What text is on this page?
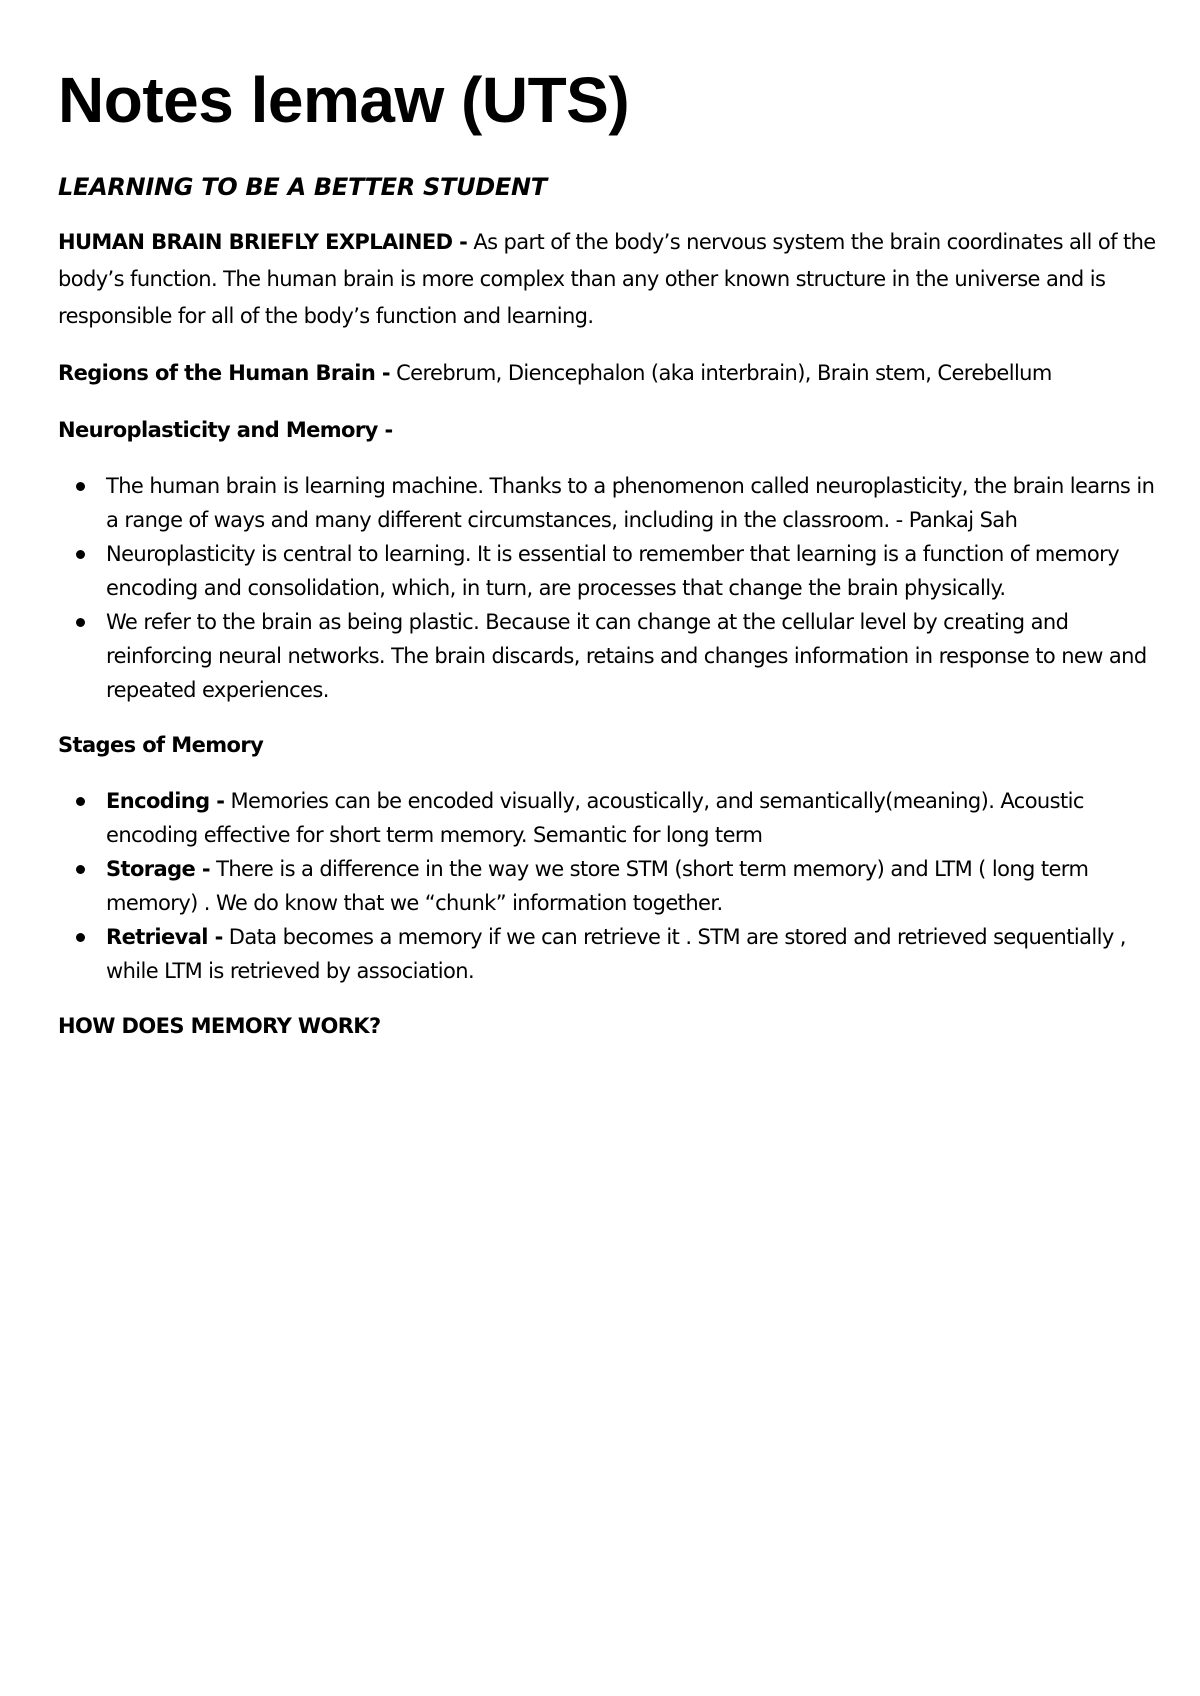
Notes lemaw (UTS)
LEARNING TO BE A BETTER STUDENT

HUMAN BRAIN BRIEFLY EXPLAINED - As part of the body’s nervous system the brain coordinates all of the body’s function. The human brain is more complex than any other known structure in the universe and is responsible for all of the body’s function and learning.

Regions of the Human Brain - Cerebrum, Diencephalon (aka interbrain), Brain stem, Cerebellum

Neuroplasticity and Memory -
The human brain is learning machine. Thanks to a phenomenon called neuroplasticity, the brain learns in a range of ways and many different circumstances, including in the classroom. - Pankaj Sah
Neuroplasticity is central to learning. It is essential to remember that learning is a function of memory encoding and consolidation, which, in turn, are processes that change the brain physically.
We refer to the brain as being plastic. Because it can change at the cellular level by creating and reinforcing neural networks. The brain discards, retains and changes information in response to new and repeated experiences.
Stages of Memory
Encoding - Memories can be encoded visually, acoustically, and semantically(meaning). Acoustic encoding effective for short term memory. Semantic for long term
Storage - There is a difference in the way we store STM (short term memory) and LTM ( long term memory) . We do know that we “chunk” information together.
Retrieval - Data becomes a memory if we can retrieve it . STM are stored and retrieved sequentially , while LTM is retrieved by association.
HOW DOES MEMORY WORK?
